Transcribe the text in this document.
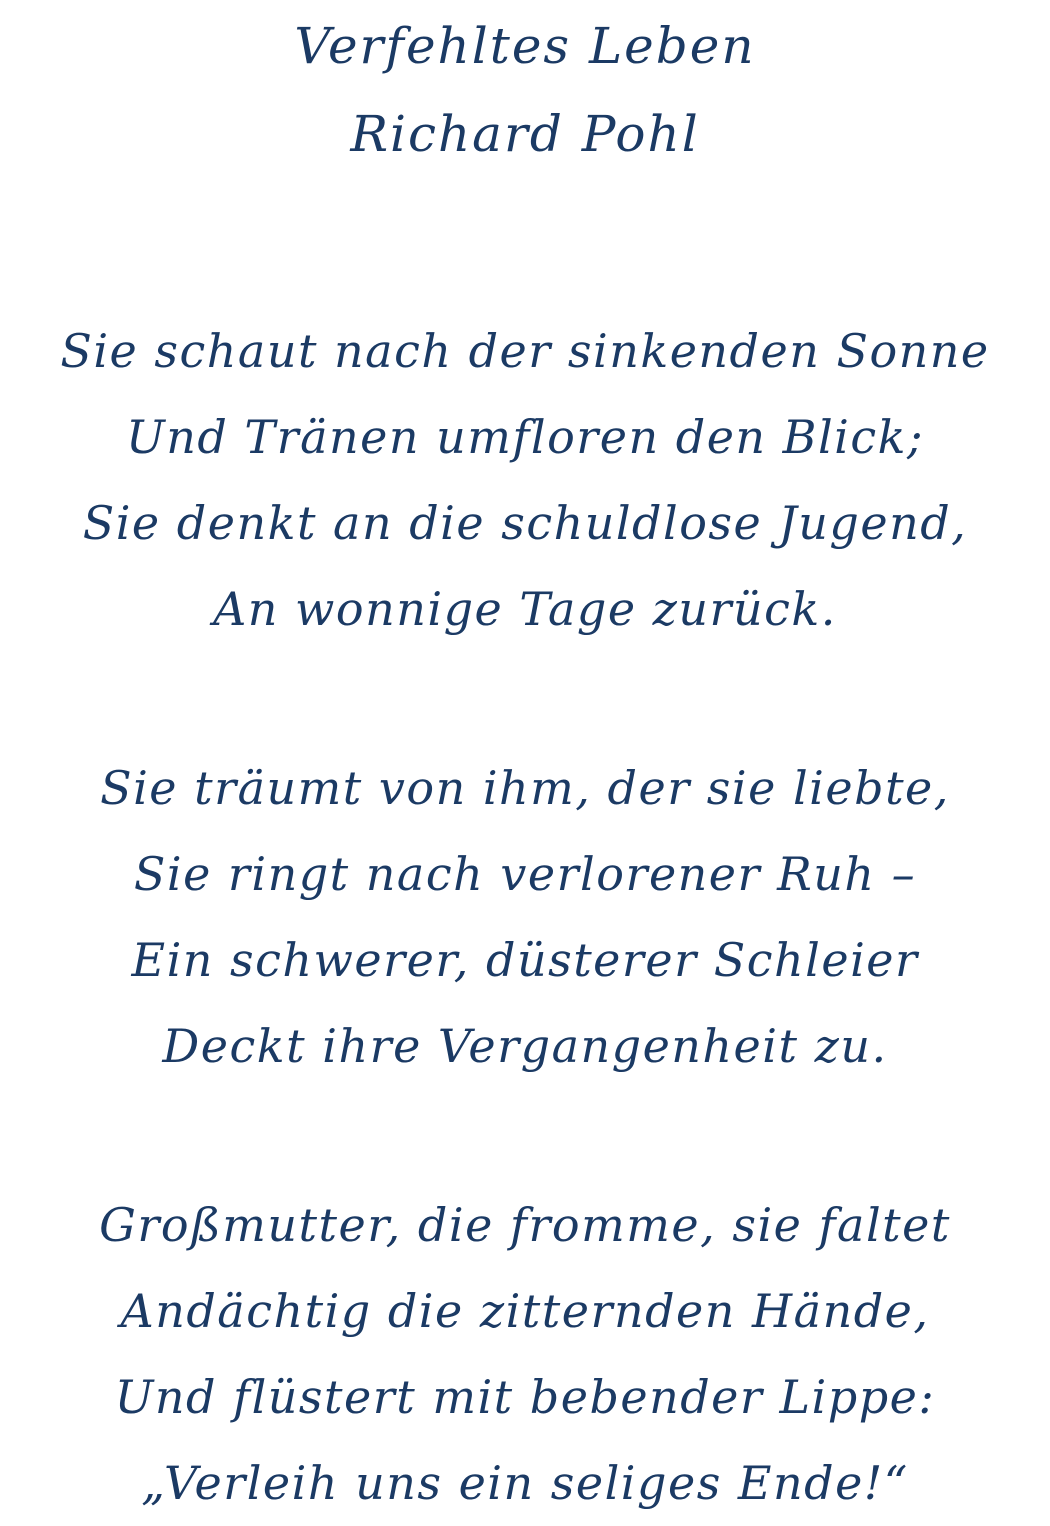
Verfehltes Leben
Richard Pohl

Sie schaut nach der sinkenden Sonne

Und Tränen umfloren den Blick;

Sie denkt an die schuldlose Jugend,

An wonnige Tage zurück.

Sie träumt von ihm, der sie liebte,

Sie ringt nach verlorener Ruh –

Ein schwerer, düsterer Schleier

Deckt ihre Vergangenheit zu.

Großmutter, die fromme, sie faltet

Andächtig die zitternden Hände,

Und flüstert mit bebender Lippe:

„Verleih uns ein seliges Ende!“
